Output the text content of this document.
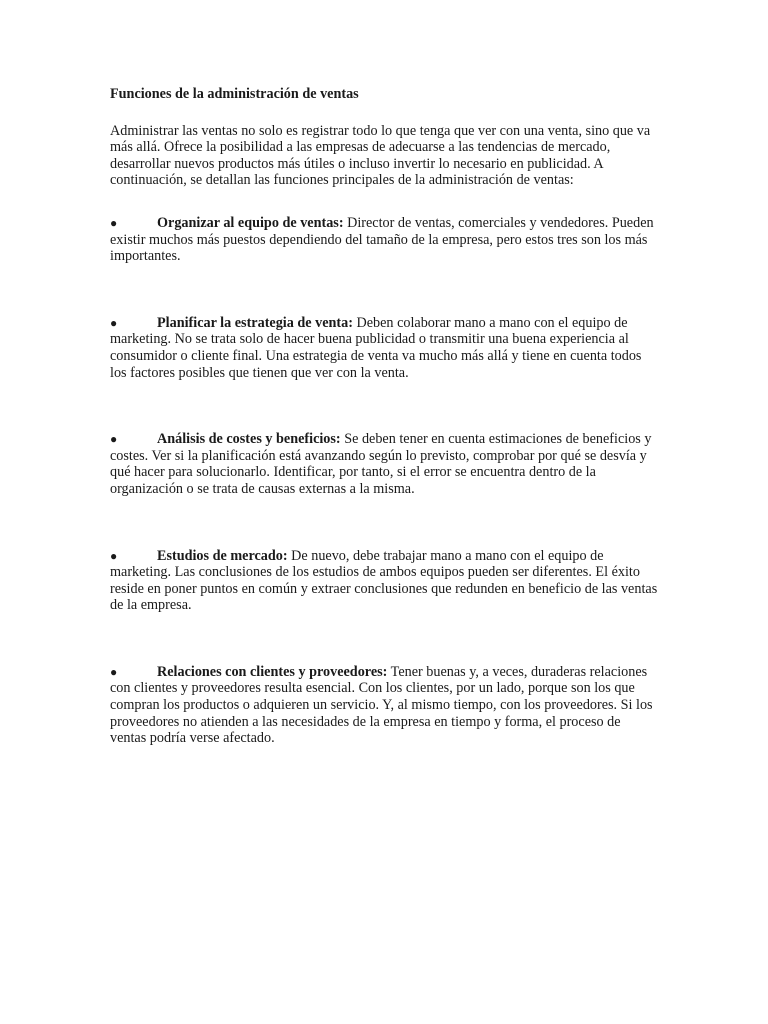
Funciones de la administración de ventas

Administrar las ventas no solo es registrar todo lo que tenga que ver con una venta, sino que va más allá. Ofrece la posibilidad a las empresas de adecuarse a las tendencias de mercado, desarrollar nuevos productos más útiles o incluso invertir lo necesario en publicidad. A continuación, se detallan las funciones principales de la administración de ventas:

●	Organizar al equipo de ventas: Director de ventas, comerciales y vendedores. Pueden existir muchos más puestos dependiendo del tamaño de la empresa, pero estos tres son los más importantes.
●	Planificar la estrategia de venta: Deben colaborar mano a mano con el equipo de marketing. No se trata solo de hacer buena publicidad o transmitir una buena experiencia al consumidor o cliente final. Una estrategia de venta va mucho más allá y tiene en cuenta todos los factores posibles que tienen que ver con la venta.
●	Análisis de costes y beneficios: Se deben tener en cuenta estimaciones de beneficios y costes. Ver si la planificación está avanzando según lo previsto, comprobar por qué se desvía y qué hacer para solucionarlo. Identificar, por tanto, si el error se encuentra dentro de la organización o se trata de causas externas a la misma.
●	Estudios de mercado: De nuevo, debe trabajar mano a mano con el equipo de marketing. Las conclusiones de los estudios de ambos equipos pueden ser diferentes. El éxito reside en poner puntos en común y extraer conclusiones que redunden en beneficio de las ventas de la empresa.
●	Relaciones con clientes y proveedores: Tener buenas y, a veces, duraderas relaciones con clientes y proveedores resulta esencial. Con los clientes, por un lado, porque son los que compran los productos o adquieren un servicio. Y, al mismo tiempo, con los proveedores. Si los proveedores no atienden a las necesidades de la empresa en tiempo y forma, el proceso de ventas podría verse afectado.
